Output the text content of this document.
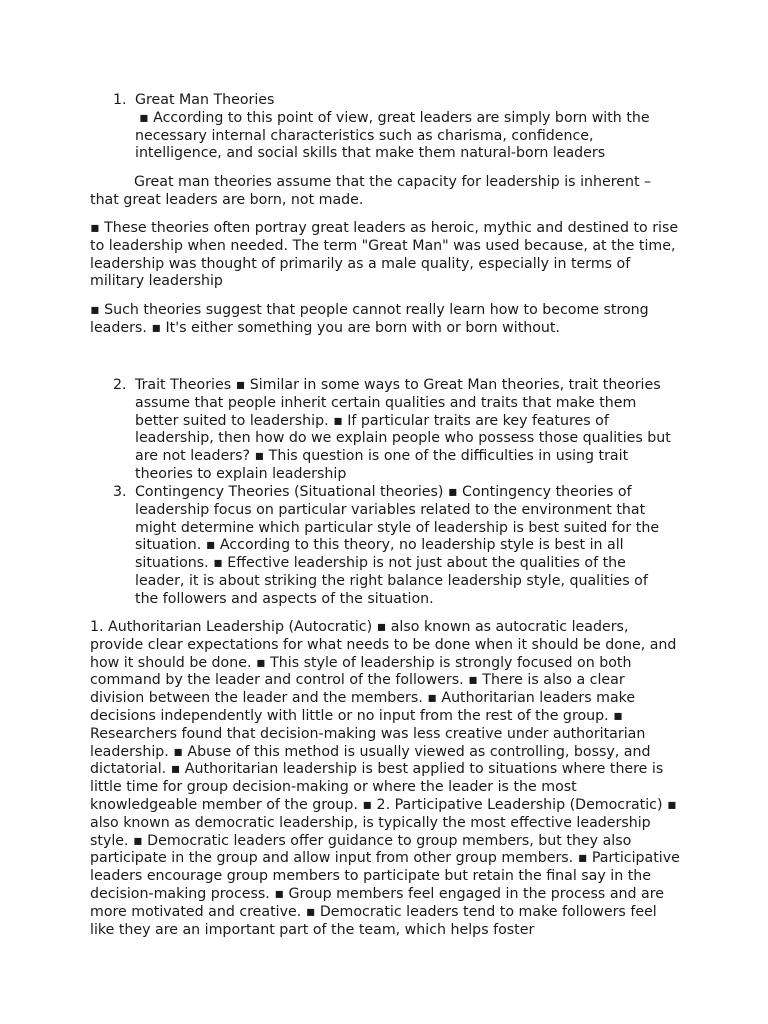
1. Great Man Theories
▪ According to this point of view, great leaders are simply born with the necessary internal characteristics such as charisma, confidence, intelligence, and social skills that make them natural-born leaders

Great man theories assume that the capacity for leadership is inherent – that great leaders are born, not made.

▪ These theories often portray great leaders as heroic, mythic and destined to rise to leadership when needed. The term "Great Man" was used because, at the time, leadership was thought of primarily as a male quality, especially in terms of military leadership

▪ Such theories suggest that people cannot really learn how to become strong leaders. ▪ It's either something you are born with or born without.

2. Trait Theories ▪ Similar in some ways to Great Man theories, trait theories assume that people inherit certain qualities and traits that make them better suited to leadership. ▪ If particular traits are key features of leadership, then how do we explain people who possess those qualities but are not leaders? ▪ This question is one of the difficulties in using trait theories to explain leadership
3. Contingency Theories (Situational theories) ▪ Contingency theories of leadership focus on particular variables related to the environment that might determine which particular style of leadership is best suited for the situation. ▪ According to this theory, no leadership style is best in all situations. ▪ Effective leadership is not just about the qualities of the leader, it is about striking the right balance leadership style, qualities of the followers and aspects of the situation.

1. Authoritarian Leadership (Autocratic) ▪ also known as autocratic leaders, provide clear expectations for what needs to be done when it should be done, and how it should be done. ▪ This style of leadership is strongly focused on both command by the leader and control of the followers. ▪ There is also a clear division between the leader and the members. ▪ Authoritarian leaders make decisions independently with little or no input from the rest of the group. ▪ Researchers found that decision-making was less creative under authoritarian leadership. ▪ Abuse of this method is usually viewed as controlling, bossy, and dictatorial. ▪ Authoritarian leadership is best applied to situations where there is little time for group decision-making or where the leader is the most knowledgeable member of the group. ▪ 2. Participative Leadership (Democratic) ▪ also known as democratic leadership, is typically the most effective leadership style. ▪ Democratic leaders offer guidance to group members, but they also participate in the group and allow input from other group members. ▪ Participative leaders encourage group members to participate but retain the final say in the decision-making process. ▪ Group members feel engaged in the process and are more motivated and creative. ▪ Democratic leaders tend to make followers feel like they are an important part of the team, which helps foster
